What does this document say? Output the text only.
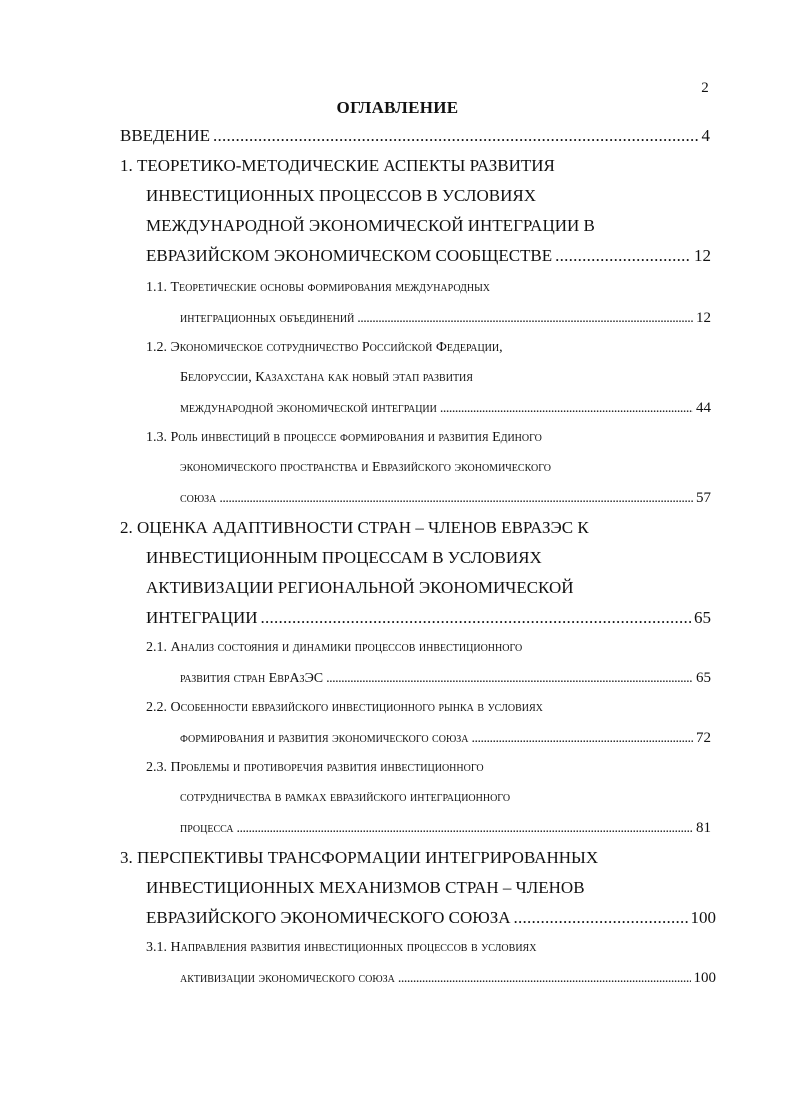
2
ОГЛАВЛЕНИЕ
ВВЕДЕНИЕ . . .	4
1. ТЕОРЕТИКО-МЕТОДИЧЕСКИЕ АСПЕКТЫ РАЗВИТИЯ
ИНВЕСТИЦИОННЫХ ПРОЦЕССОВ В УСЛОВИЯХ
МЕЖДУНАРОДНОЙ ЭКОНОМИЧЕСКОЙ ИНТЕГРАЦИИ В
ЕВРАЗИЙСКОМ ЭКОНОМИЧЕСКОМ СООБЩЕСТВЕ . . .	12
1.1. Теоретические основы формирования международных
интеграционных объединений . . .	12
1.2. Экономическое сотрудничество Российской Федерации,
Белоруссии, Казахстана как новый этап развития
международной экономической интеграции . . .	44
1.3. Роль инвестиций в процессе формирования и развития Единого
экономического пространства и Евразийского экономического
союза . . .	57
2. ОЦЕНКА АДАПТИВНОСТИ СТРАН – ЧЛЕНОВ ЕВРАЗЭС К
ИНВЕСТИЦИОННЫМ ПРОЦЕССАМ В УСЛОВИЯХ
АКТИВИЗАЦИИ РЕГИОНАЛЬНОЙ ЭКОНОМИЧЕСКОЙ
ИНТЕГРАЦИИ . . .	65
2.1. Анализ состояния и динамики процессов инвестиционного
развития стран ЕврАзЭС . . .	65
2.2. Особенности евразийского инвестиционного рынка в условиях
формирования и развития экономического союза . . .	72
2.3. Проблемы и противоречия развития инвестиционного
сотрудничества в рамках евразийского интеграционного
процесса . . .	81
3. ПЕРСПЕКТИВЫ ТРАНСФОРМАЦИИ ИНТЕГРИРОВАННЫХ
ИНВЕСТИЦИОННЫХ МЕХАНИЗМОВ СТРАН – ЧЛЕНОВ
ЕВРАЗИЙСКОГО ЭКОНОМИЧЕСКОГО СОЮЗА . . .	100
3.1. Направления развития инвестиционных процессов в условиях
активизации экономического союза . . .	100
